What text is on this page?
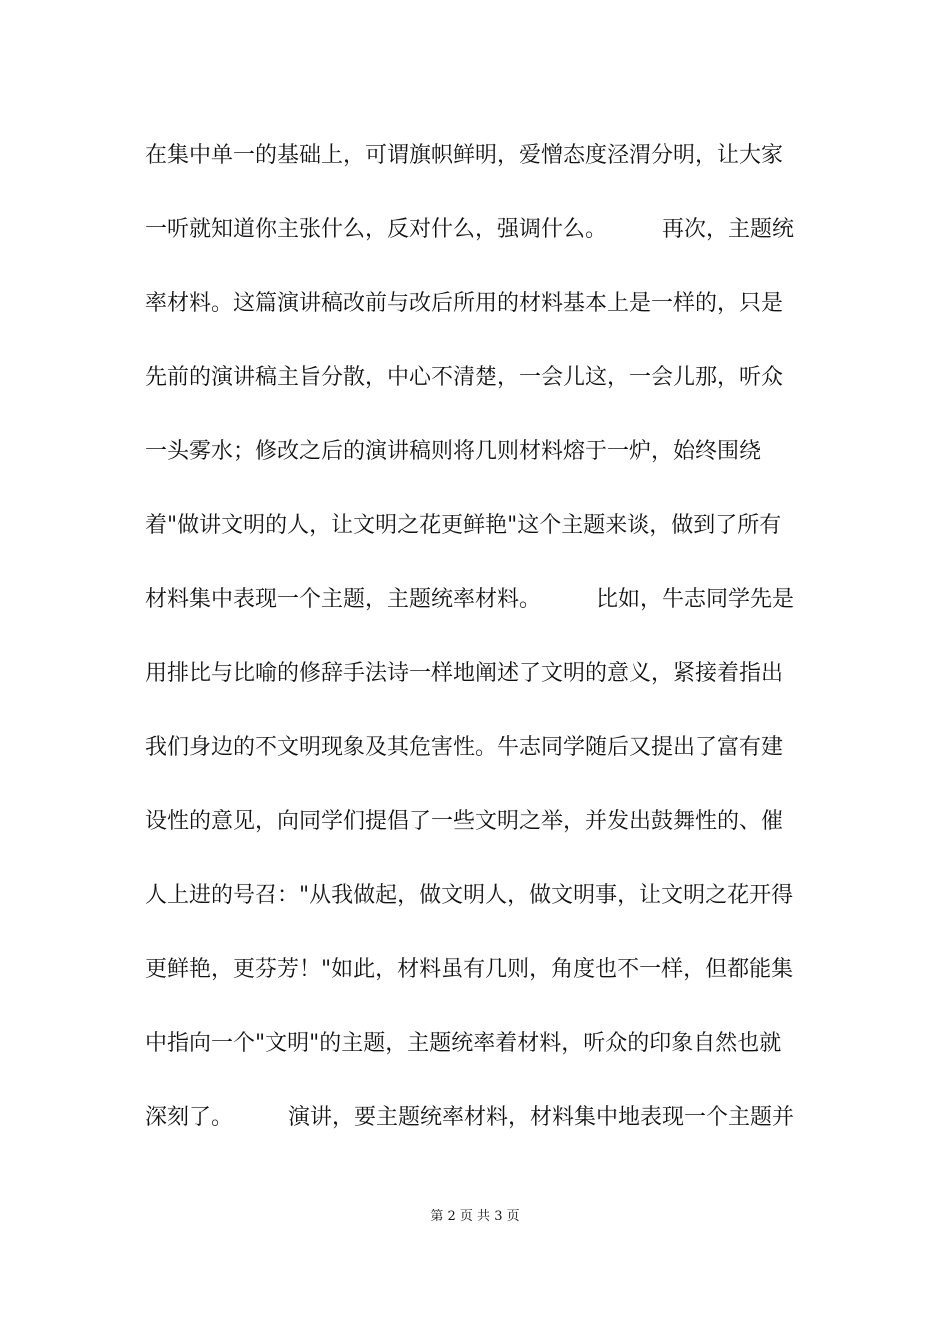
在集中单一的基础上，可谓旗帜鲜明，爱憎态度泾渭分明，让大家
一听就知道你主张什么，反对什么，强调什么。　　　再次，主题统
率材料。这篇演讲稿改前与改后所用的材料基本上是一样的，只是
先前的演讲稿主旨分散，中心不清楚，一会儿这，一会儿那，听众
一头雾水；修改之后的演讲稿则将几则材料熔于一炉，始终围绕
着"做讲文明的人，让文明之花更鲜艳"这个主题来谈，做到了所有
材料集中表现一个主题，主题统率材料。　　　比如，牛志同学先是
用排比与比喻的修辞手法诗一样地阐述了文明的意义，紧接着指出
我们身边的不文明现象及其危害性。牛志同学随后又提出了富有建
设性的意见，向同学们提倡了一些文明之举，并发出鼓舞性的、催
人上进的号召："从我做起，做文明人，做文明事，让文明之花开得
更鲜艳，更芬芳！"如此，材料虽有几则，角度也不一样，但都能集
中指向一个"文明"的主题，主题统率着材料，听众的印象自然也就
深刻了。　　　演讲，要主题统率材料，材料集中地表现一个主题并
第 2 页 共 3 页
